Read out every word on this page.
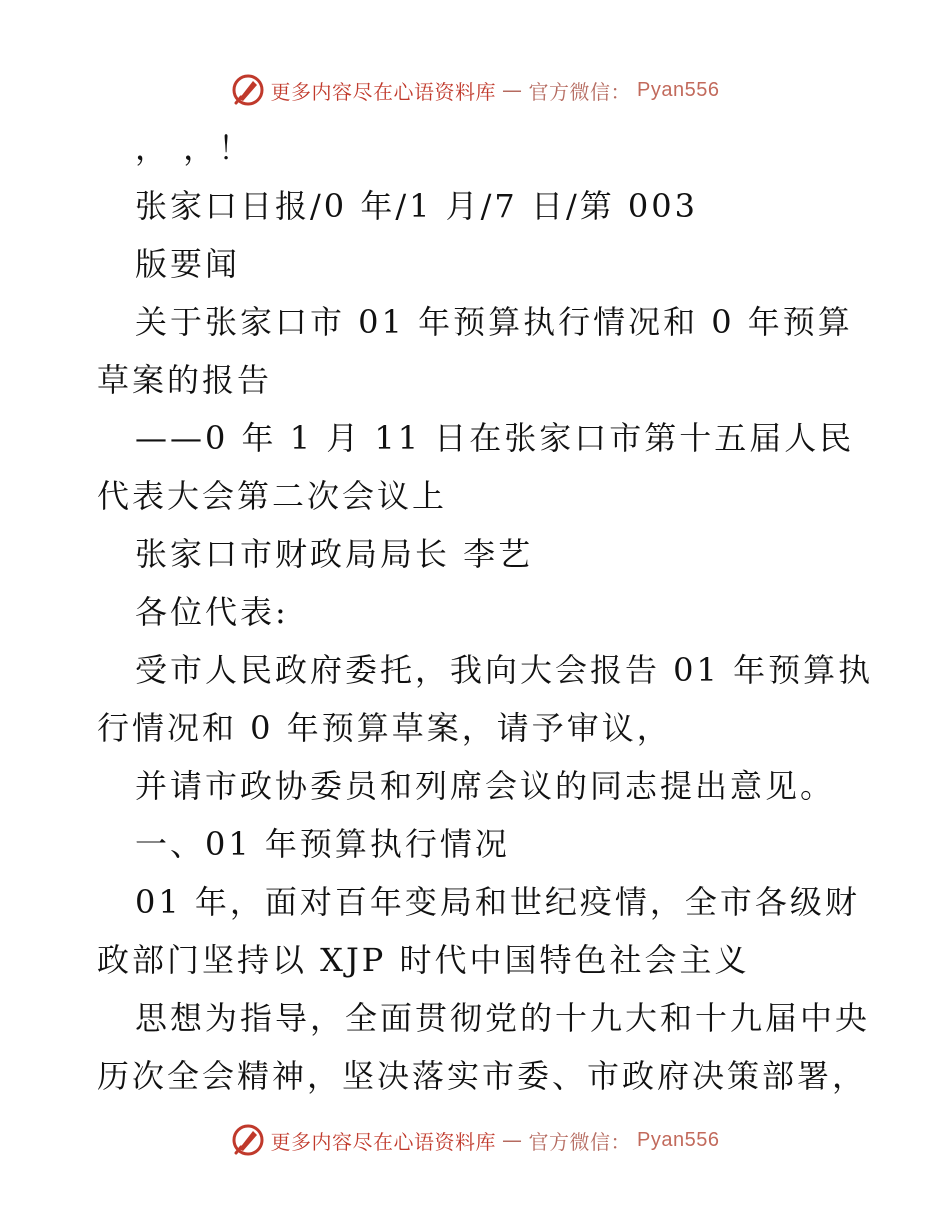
更多内容尽在心语资料库 — 官方微信： Pyan556
， ，！
张家口日报/0 年/1 月/7 日/第 003
版要闻
关于张家口市 01 年预算执行情况和 0 年预算
草案的报告
——0 年 1 月 11 日在张家口市第十五届人民
代表大会第二次会议上
张家口市财政局局长 李艺
各位代表:
受市人民政府委托，我向大会报告 01 年预算执
行情况和 0 年预算草案，请予审议，
并请市政协委员和列席会议的同志提出意见。
一、01 年预算执行情况
01 年，面对百年变局和世纪疫情，全市各级财
政部门坚持以 XJP 时代中国特色社会主义
思想为指导，全面贯彻党的十九大和十九届中央
历次全会精神，坚决落实市委、市政府决策部署，
更多内容尽在心语资料库 — 官方微信： Pyan556
